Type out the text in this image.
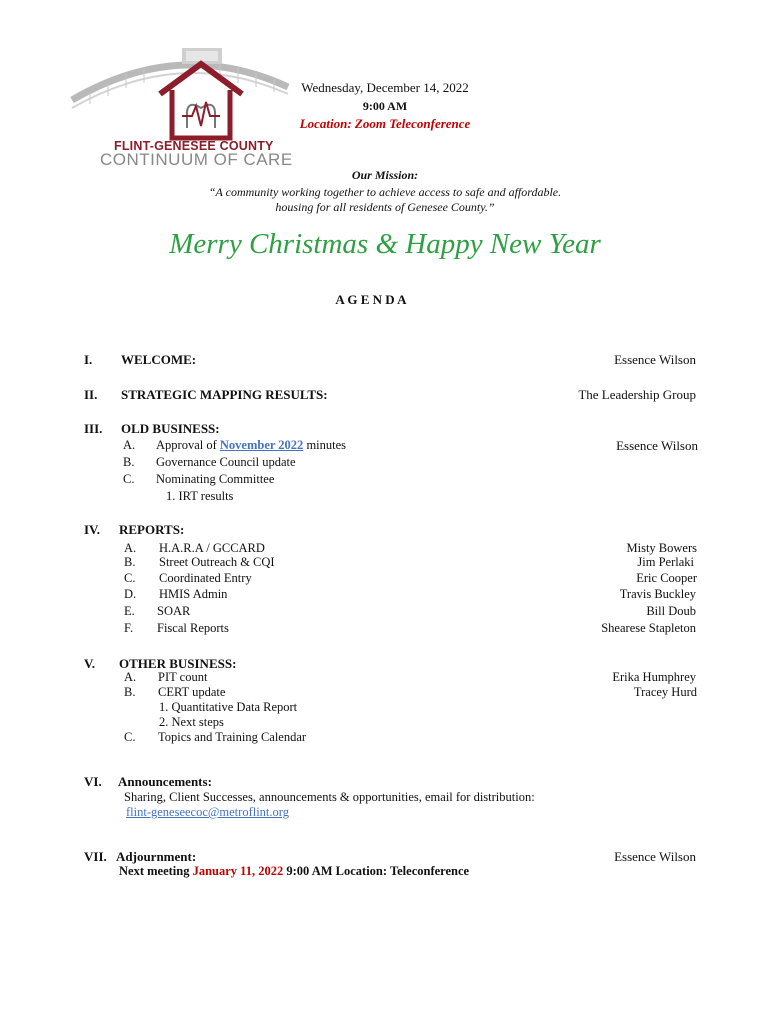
FLINT-GENESEE COUNTY
CONTINUUM OF CARE
Wednesday, December 14, 2022
9:00 AM
Location: Zoom Teleconference
Our Mission:
“A community working together to achieve access to safe and affordable.
housing for all residents of Genesee County.”
Merry Christmas & Happy New Year
A G E N D A
I. WELCOME:	Essence Wilson
II. STRATEGIC MAPPING RESULTS:	The Leadership Group
III. OLD BUSINESS:
A. Approval of November 2022 minutes	Essence Wilson
B. Governance Council update
C. Nominating Committee
1. IRT results
IV. REPORTS:
A. H.A.R.A / GCCARD	Misty Bowers
B. Street Outreach & CQI	Jim Perlaki
C. Coordinated Entry	Eric Cooper
D. HMIS Admin	Travis Buckley
E. SOAR	Bill Doub
F. Fiscal Reports	Shearese Stapleton
V. OTHER BUSINESS:
A. PIT count	Erika Humphrey
B. CERT update	Tracey Hurd
1. Quantitative Data Report
2. Next steps
C. Topics and Training Calendar
VI. Announcements:
Sharing, Client Successes, announcements & opportunities, email for distribution:
flint-geneseecoc@metroflint.org
VII. Adjournment:	Essence Wilson
Next meeting January 11, 2022 9:00 AM Location: Teleconference
